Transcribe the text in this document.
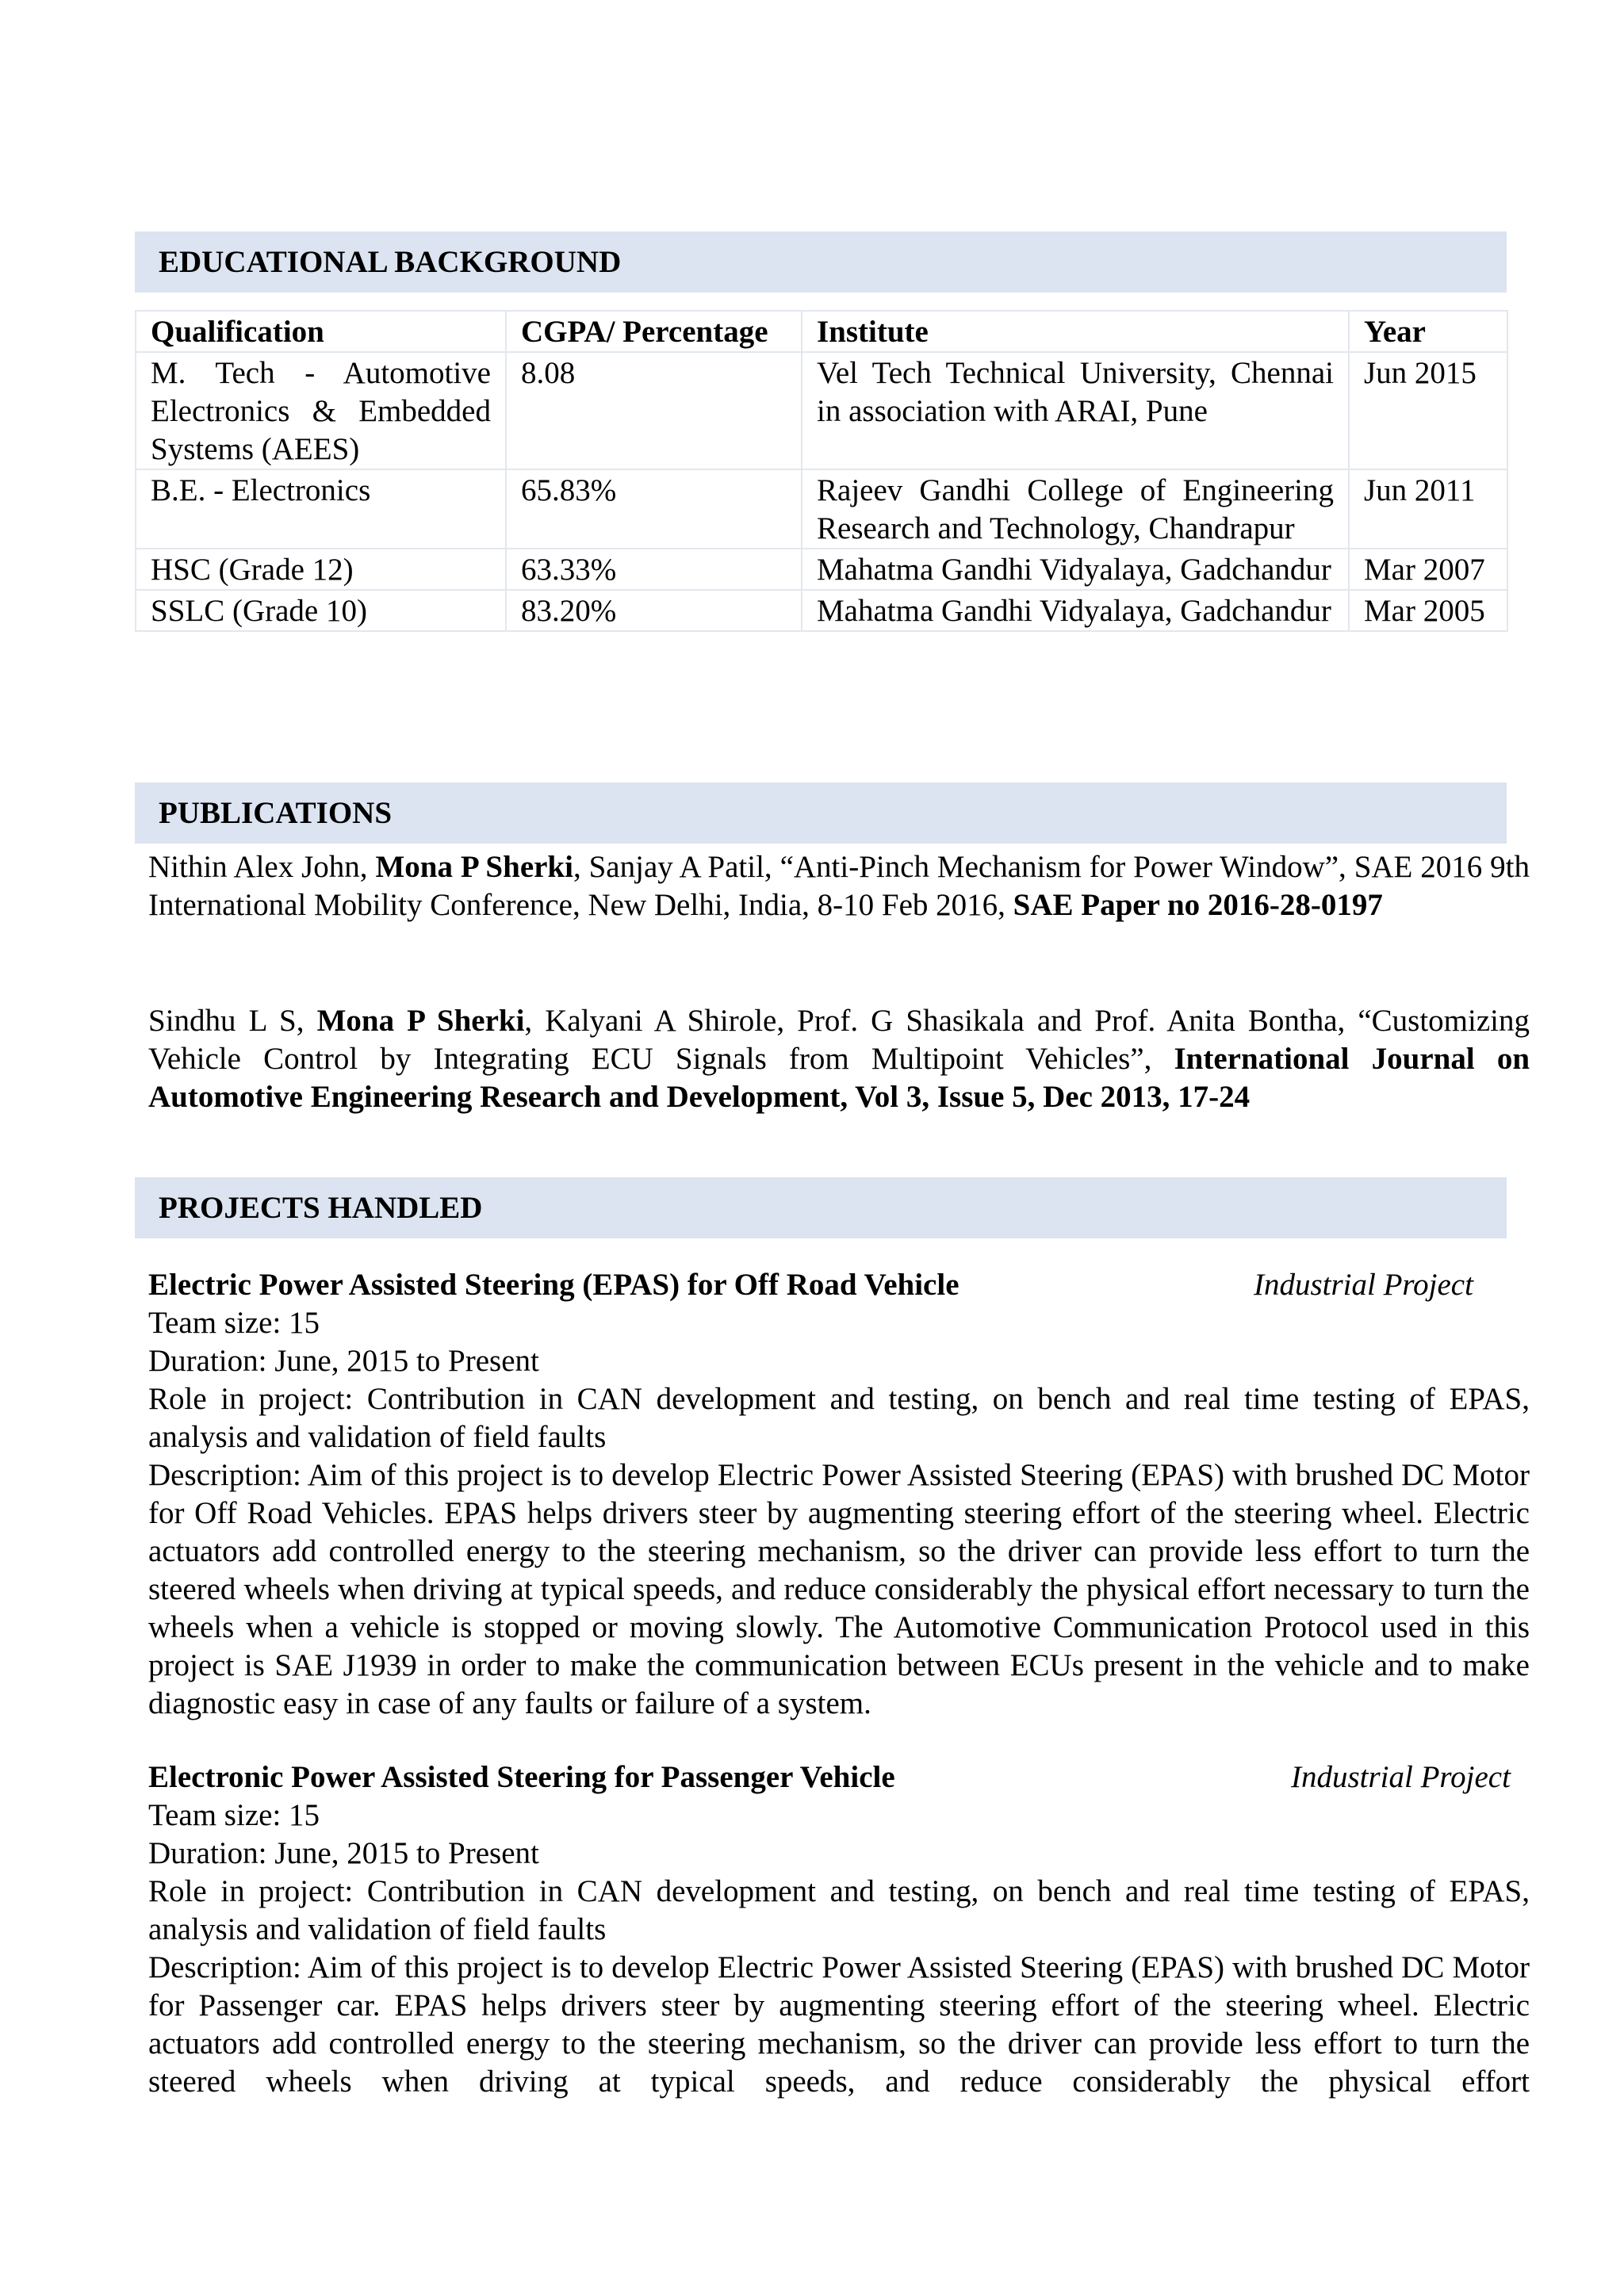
EDUCATIONAL BACKGROUND
Qualification	CGPA/ Percentage	Institute	Year
M. Tech - Automotive Electronics & Embedded Systems (AEES)	8.08	Vel Tech Technical University, Chennai in association with ARAI, Pune	Jun 2015
B.E. - Electronics	65.83%	Rajeev Gandhi College of Engineering Research and Technology, Chandrapur	Jun 2011
HSC (Grade 12)	63.33%	Mahatma Gandhi Vidyalaya, Gadchandur	Mar 2007
SSLC (Grade 10)	83.20%	Mahatma Gandhi Vidyalaya, Gadchandur	Mar 2005
PUBLICATIONS
Nithin Alex John, Mona P Sherki, Sanjay A Patil, “Anti-Pinch Mechanism for Power Window”, SAE 2016 9th International Mobility Conference, New Delhi, India, 8-10 Feb 2016, SAE Paper no 2016-28-0197
Sindhu L S, Mona P Sherki, Kalyani A Shirole, Prof. G Shasikala and Prof. Anita Bontha, “Customizing Vehicle Control by Integrating ECU Signals from Multipoint Vehicles”, International Journal on Automotive Engineering Research and Development, Vol 3, Issue 5, Dec 2013, 17-24
PROJECTS HANDLED
Electric Power Assisted Steering (EPAS) for Off Road Vehicle	Industrial Project
Team size: 15
Duration: June, 2015 to Present
Role in project: Contribution in CAN development and testing, on bench and real time testing of EPAS, analysis and validation of field faults
Description: Aim of this project is to develop Electric Power Assisted Steering (EPAS) with brushed DC Motor for Off Road Vehicles. EPAS helps drivers steer by augmenting steering effort of the steering wheel. Electric actuators add controlled energy to the steering mechanism, so the driver can provide less effort to turn the steered wheels when driving at typical speeds, and reduce considerably the physical effort necessary to turn the wheels when a vehicle is stopped or moving slowly. The Automotive Communication Protocol used in this project is SAE J1939 in order to make the communication between ECUs present in the vehicle and to make diagnostic easy in case of any faults or failure of a system.
Electronic Power Assisted Steering for Passenger Vehicle	Industrial Project
Team size: 15
Duration: June, 2015 to Present
Role in project: Contribution in CAN development and testing, on bench and real time testing of EPAS, analysis and validation of field faults
Description: Aim of this project is to develop Electric Power Assisted Steering (EPAS) with brushed DC Motor for Passenger car. EPAS helps drivers steer by augmenting steering effort of the steering wheel. Electric actuators add controlled energy to the steering mechanism, so the driver can provide less effort to turn the steered wheels when driving at typical speeds, and reduce considerably the physical effort
